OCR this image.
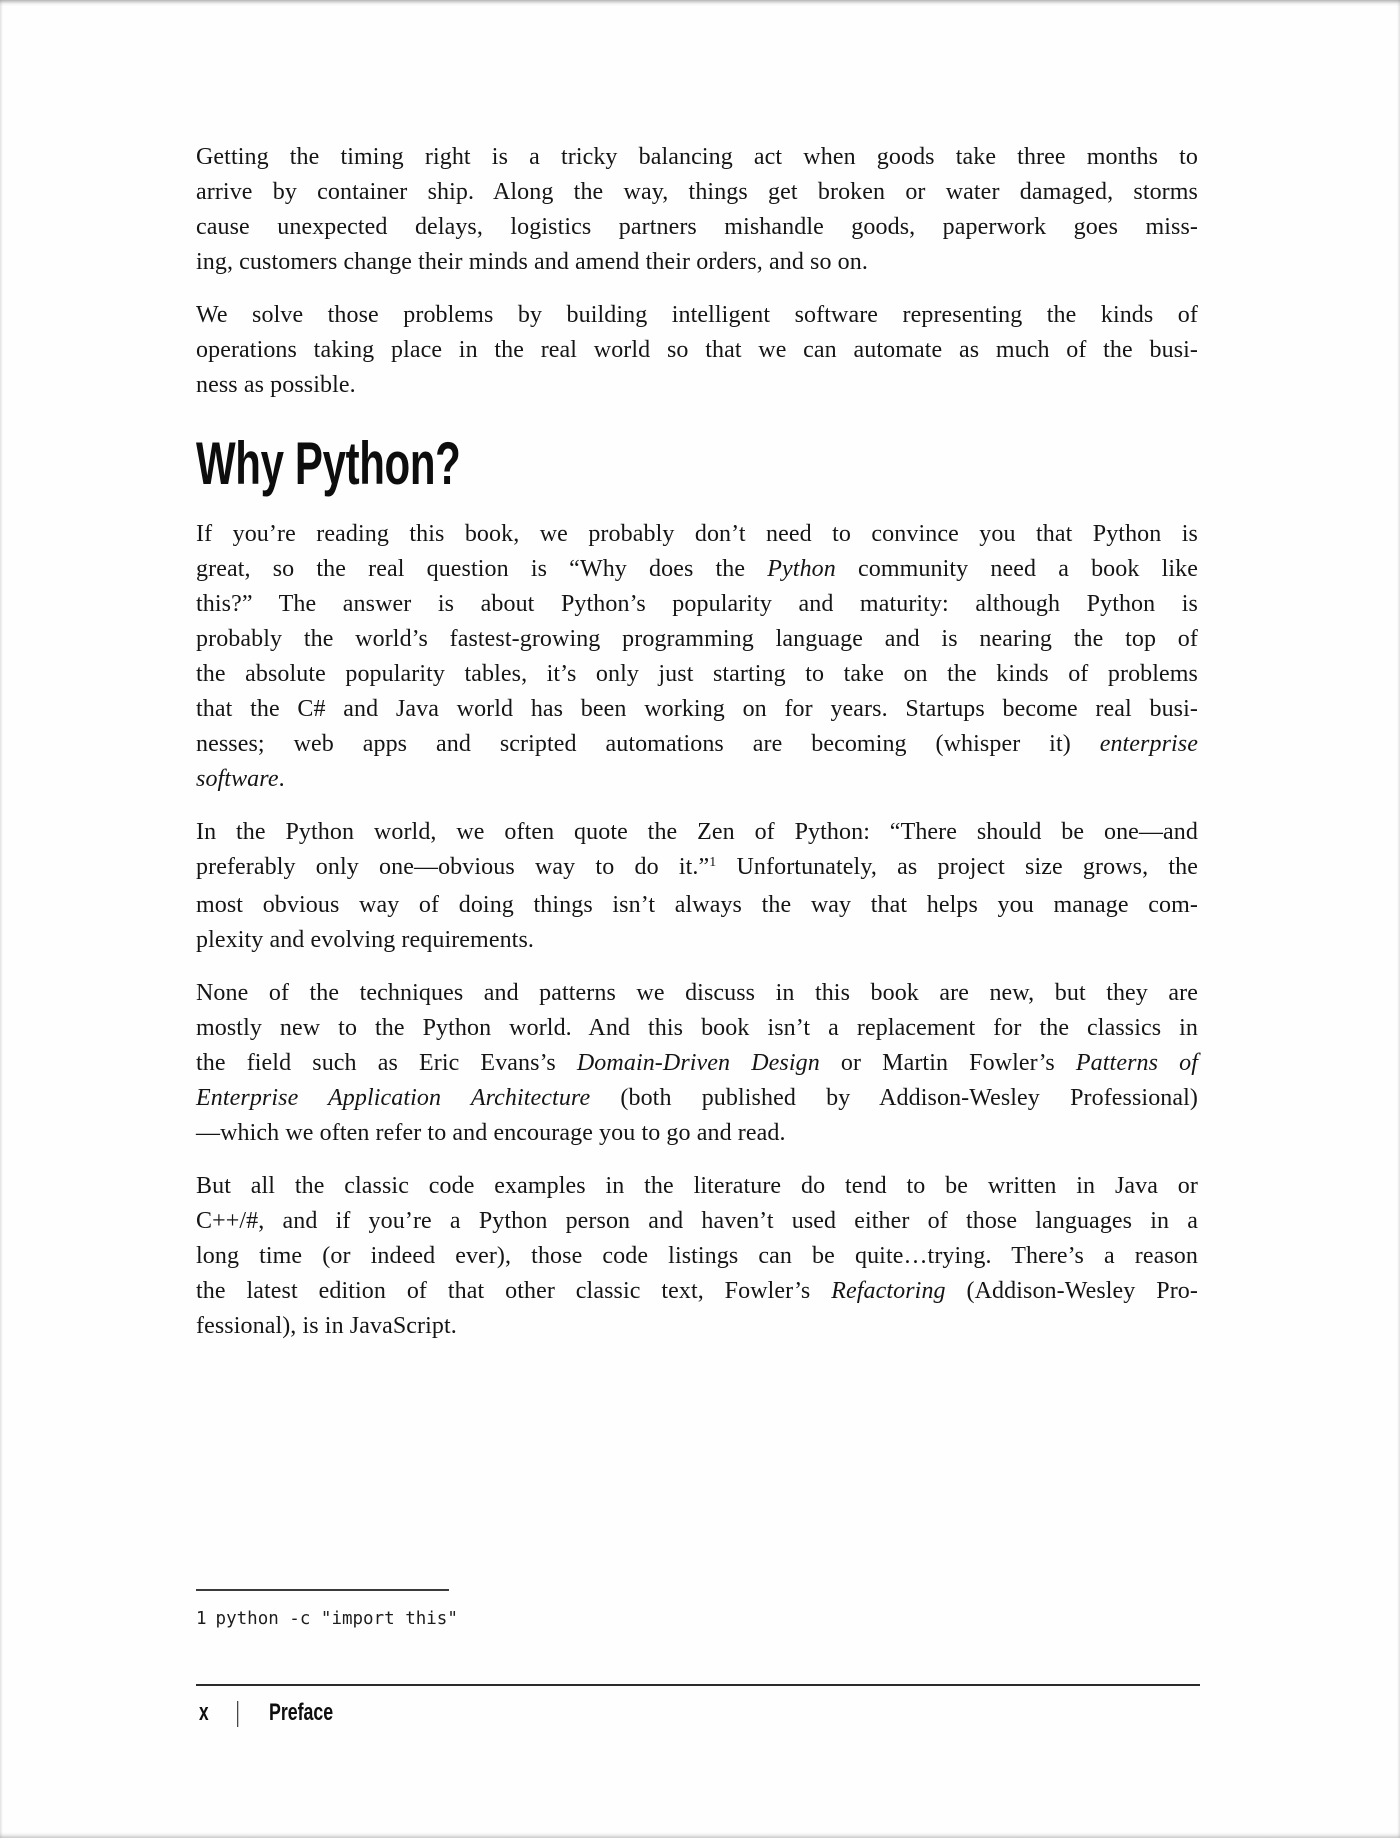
Getting the timing right is a tricky balancing act when goods take three months to
arrive by container ship. Along the way, things get broken or water damaged, storms
cause unexpected delays, logistics partners mishandle goods, paperwork goes miss-
ing, customers change their minds and amend their orders, and so on.
We solve those problems by building intelligent software representing the kinds of
operations taking place in the real world so that we can automate as much of the busi-
ness as possible.
Why Python?
If you’re reading this book, we probably don’t need to convince you that Python is
great, so the real question is “Why does the Python community need a book like
this?” The answer is about Python’s popularity and maturity: although Python is
probably the world’s fastest-growing programming language and is nearing the top of
the absolute popularity tables, it’s only just starting to take on the kinds of problems
that the C# and Java world has been working on for years. Startups become real busi-
nesses; web apps and scripted automations are becoming (whisper it) enterprise
software.
In the Python world, we often quote the Zen of Python: “There should be one—and
preferably only one—obvious way to do it.”$^1$ Unfortunately, as project size grows, the
most obvious way of doing things isn’t always the way that helps you manage com-
plexity and evolving requirements.
None of the techniques and patterns we discuss in this book are new, but they are
mostly new to the Python world. And this book isn’t a replacement for the classics in
the field such as Eric Evans’s Domain-Driven Design or Martin Fowler’s Patterns of
Enterprise Application Architecture (both published by Addison-Wesley Professional)
—which we often refer to and encourage you to go and read.
But all the classic code examples in the literature do tend to be written in Java or
C++/#, and if you’re a Python person and haven’t used either of those languages in a
long time (or indeed ever), those code listings can be quite…trying. There’s a reason
the latest edition of that other classic text, Fowler’s Refactoring (Addison-Wesley Pro-
fessional), is in JavaScript.
1 python -c "import this"
x | Preface
